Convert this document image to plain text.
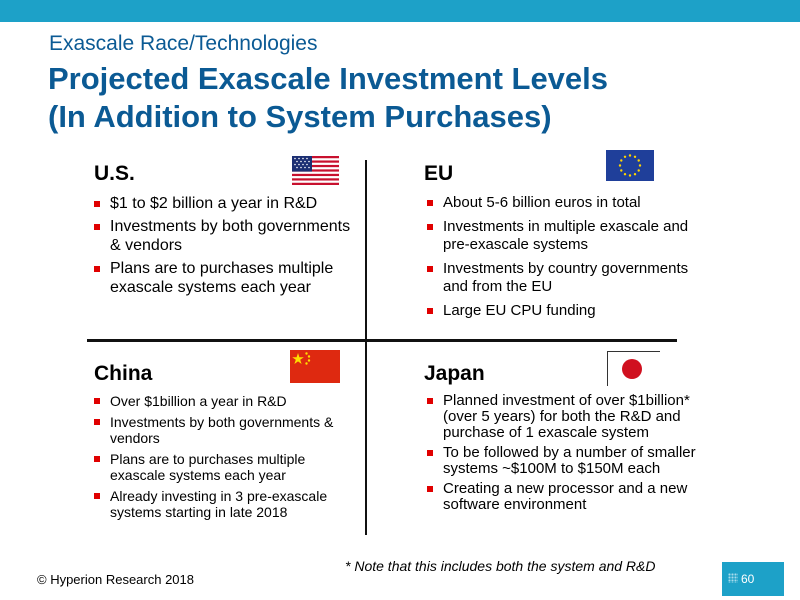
Exascale Race/Technologies
Projected Exascale Investment Levels
(In Addition to System Purchases)
U.S.
$1 to $2 billion a year in R&D
Investments by both governments & vendors
Plans are to purchases multiple exascale systems each year
EU
About 5-6 billion euros in total
Investments in multiple exascale and pre-exascale systems
Investments by country governments and from the EU
Large EU CPU funding
China
Over $1billion a year in R&D
Investments by both governments & vendors
Plans are to purchases multiple exascale systems each year
Already investing in 3 pre-exascale systems starting in late 2018
Japan
Planned investment of over $1billion* (over 5 years) for both the R&D and purchase of 1 exascale system
To be followed by a number of smaller systems ~$100M to $150M each
Creating a new processor and a new software environment
* Note that this includes both the system and R&D
© Hyperion Research 2018	60
